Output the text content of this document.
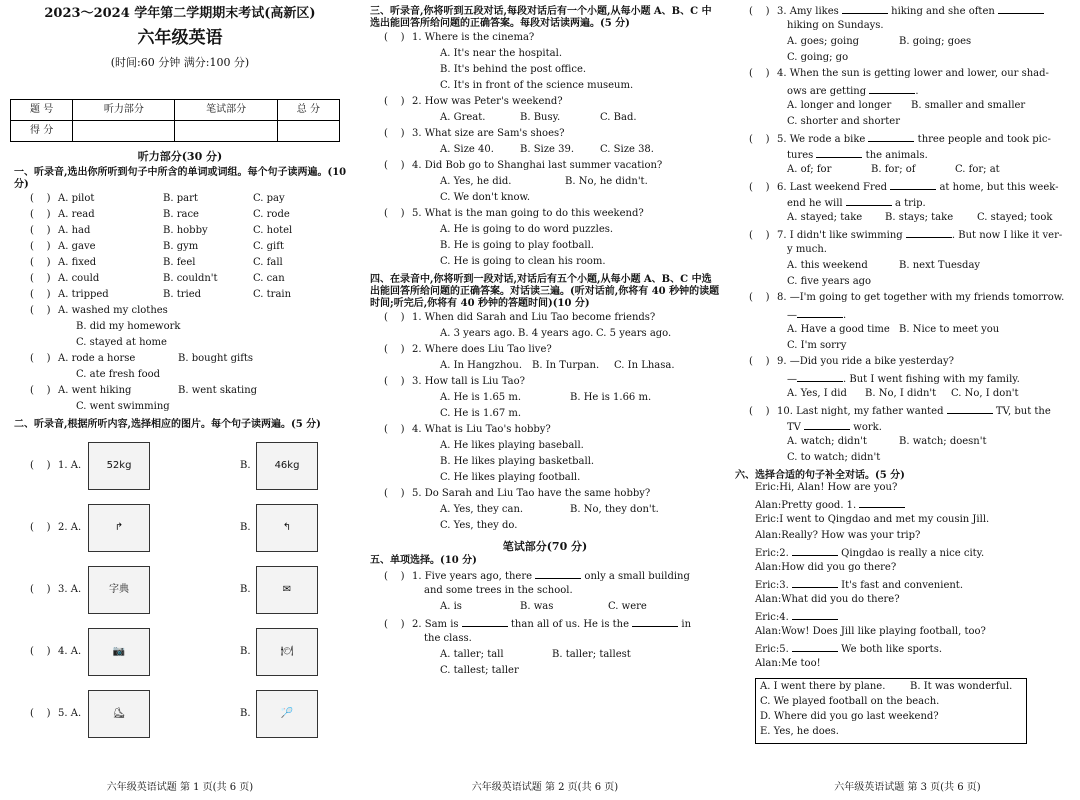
2023～2024 学年第二学期期末考试(高新区)
六年级英语
(时间:60 分钟 满分:100 分)
题 号	听力部分	笔试部分	总 分
得 分			
听力部分(30 分)
一、听录音,选出你所听到句子中所含的单词或词组。每个句子读两遍。(10 分)
(    ) A. pilot	B. part	C. pay
(    ) A. read	B. race	C. rode
(    ) A. had	B. hobby	C. hotel
(    ) A. gave	B. gym	C. gift
(    ) A. fixed	B. feel	C. fall
(    ) A. could	B. couldn't	C. can
(    ) A. tripped	B. tried	C. train
(    ) A. washed my clothes
B. did my homework
C. stayed at home
(    ) A. rode a horse	B. bought gifts
C. ate fresh food
(    ) A. went hiking	B. went skating
C. went swimming
二、听录音,根据所听内容,选择相应的图片。每个句子读两遍。(5 分)
(    ) 1. A.	52kg	B.	46kg
(    ) 2. A.	↱	B.	↰
(    ) 3. A.	字典	B.	✉
(    ) 4. A.	📷	B.	🍽
(    ) 5. A.	⛸	B.	🏸
六年级英语试题 第 1 页(共 6 页)
三、听录音,你将听到五段对话,每段对话后有一个小题,从每小题 A、B、C 中选出能回答所给问题的正确答案。每段对话读两遍。(5 分)
(    ) 1. Where is the cinema?
A. It's near the hospital.
B. It's behind the post office.
C. It's in front of the science museum.
(    ) 2. How was Peter's weekend?
A. Great.	B. Busy.	C. Bad.
(    ) 3. What size are Sam's shoes?
A. Size 40.	B. Size 39.	C. Size 38.
(    ) 4. Did Bob go to Shanghai last summer vacation?
A. Yes, he did.	B. No, he didn't.
C. We don't know.
(    ) 5. What is the man going to do this weekend?
A. He is going to do word puzzles.
B. He is going to play football.
C. He is going to clean his room.
四、在录音中,你将听到一段对话,对话后有五个小题,从每小题 A、B、C 中选出能回答所给问题的正确答案。对话读三遍。(听对话前,你将有 40 秒钟的读题时间;听完后,你将有 40 秒钟的答题时间)(10 分)
(    ) 1. When did Sarah and Liu Tao become friends?
A. 3 years ago. B. 4 years ago. C. 5 years ago.
(    ) 2. Where does Liu Tao live?
A. In Hangzhou. B. In Turpan.	C. In Lhasa.
(    ) 3. How tall is Liu Tao?
A. He is 1.65 m.	B. He is 1.66 m.
C. He is 1.67 m.
(    ) 4. What is Liu Tao's hobby?
A. He likes playing baseball.
B. He likes playing basketball.
C. He likes playing football.
(    ) 5. Do Sarah and Liu Tao have the same hobby?
A. Yes, they can.	B. No, they don't.
C. Yes, they do.
笔试部分(70 分)
五、单项选择。(10 分)
(    ) 1. Five years ago, there

	only a small building
and some trees in the school.
A. is	B. was	C. were
(    ) 2. Sam is

	than all of us. He is the

	in
the class.
A. taller; tall	B. taller; tallest
C. tallest; taller
六年级英语试题 第 2 页(共 6 页)
(    ) 3. Amy likes

	hiking and she often

hiking on Sundays.
A. goes; going	B. going; goes
C. going; go
(    ) 4. When the sun is getting lower and lower, our shad-
ows are getting
	.
A. longer and longer	B. smaller and smaller
C. shorter and shorter
(    ) 5. We rode a bike

	three people and took pic-
tures

	the animals.
A. of; for	B. for; of	C. for; at
(    ) 6. Last weekend Fred

	at home, but this week-
end he will

	a trip.
A. stayed; take	B. stays; take	C. stayed; took
(    ) 7. I didn't like swimming
	. But now I like it ver-
y much.
A. this weekend	B. next Tuesday
C. five years ago
(    ) 8. —I'm going to get together with my friends tomorrow.
—	.
A. Have a good time B. Nice to meet you
C. I'm sorry
(    ) 9. —Did you ride a bike yesterday?
—	. But I went fishing with my family.
A. Yes, I did	B. No, I didn't	C. No, I don't
(    ) 10. Last night, my father wanted

	TV, but the
TV

	work.
A. watch; didn't	B. watch; doesn't
C. to watch; didn't
六、选择合适的句子补全对话。(5 分)
Eric:Hi, Alan! How are you?
Alan:Pretty good. 1.

Eric:I went to Qingdao and met my cousin Jill.
Alan:Really? How was your trip?
Eric:2.

	Qingdao is really a nice city.
Alan:How did you go there?
Eric:3.

	It's fast and convenient.
Alan:What did you do there?
Eric:4.

Alan:Wow! Does Jill like playing football, too?
Eric:5.

	We both like sports.
Alan:Me too!
A. I went there by plane.	B. It was wonderful.
C. We played football on the beach.
D. Where did you go last weekend?
E. Yes, he does.
六年级英语试题 第 3 页(共 6 页)
